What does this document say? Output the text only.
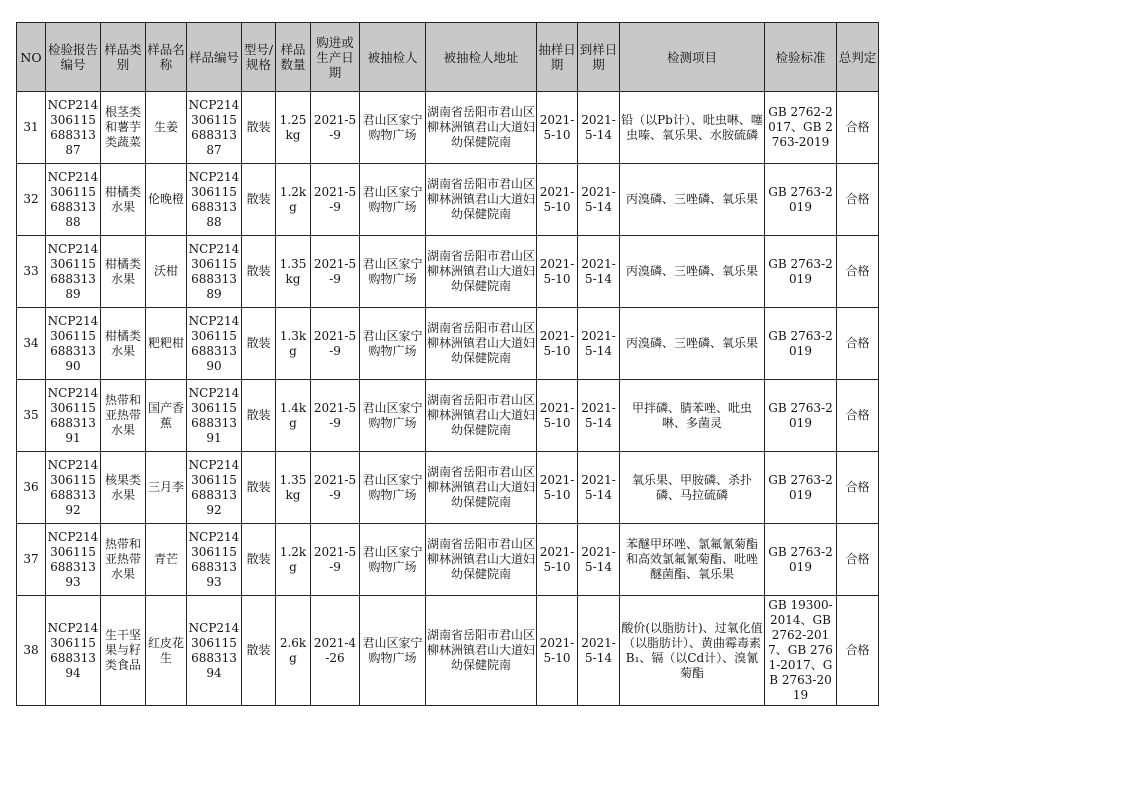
NO	检验报告编号	样品类别	样品名称	样品编号	型号/规格	样品数量	购进或生产日期	被抽检人	被抽检人地址	抽样日期	到样日期	检测项目	检验标准	总判定
31	NCP21430611568831387	根茎类和薯芋类蔬菜	生姜	NCP21430611568831387	散装	1.25kg	2021-5-9	君山区家宁购物广场	湖南省岳阳市君山区柳林洲镇君山大道妇幼保健院南	2021-5-10	2021-5-14	铅（以Pb计）、吡虫啉、噻虫嗪、氧乐果、水胺硫磷	GB 2762-2017、GB 2763-2019	合格
32	NCP21430611568831388	柑橘类水果	伦晚橙	NCP21430611568831388	散装	1.2kg	2021-5-9	君山区家宁购物广场	湖南省岳阳市君山区柳林洲镇君山大道妇幼保健院南	2021-5-10	2021-5-14	丙溴磷、三唑磷、氧乐果	GB 2763-2019	合格
33	NCP21430611568831389	柑橘类水果	沃柑	NCP21430611568831389	散装	1.35kg	2021-5-9	君山区家宁购物广场	湖南省岳阳市君山区柳林洲镇君山大道妇幼保健院南	2021-5-10	2021-5-14	丙溴磷、三唑磷、氧乐果	GB 2763-2019	合格
34	NCP21430611568831390	柑橘类水果	粑粑柑	NCP21430611568831390	散装	1.3kg	2021-5-9	君山区家宁购物广场	湖南省岳阳市君山区柳林洲镇君山大道妇幼保健院南	2021-5-10	2021-5-14	丙溴磷、三唑磷、氧乐果	GB 2763-2019	合格
35	NCP21430611568831391	热带和亚热带水果	国产香蕉	NCP21430611568831391	散装	1.4kg	2021-5-9	君山区家宁购物广场	湖南省岳阳市君山区柳林洲镇君山大道妇幼保健院南	2021-5-10	2021-5-14	甲拌磷、腈苯唑、吡虫啉、多菌灵	GB 2763-2019	合格
36	NCP21430611568831392	核果类水果	三月李	NCP21430611568831392	散装	1.35kg	2021-5-9	君山区家宁购物广场	湖南省岳阳市君山区柳林洲镇君山大道妇幼保健院南	2021-5-10	2021-5-14	氧乐果、甲胺磷、杀扑磷、马拉硫磷	GB 2763-2019	合格
37	NCP21430611568831393	热带和亚热带水果	青芒	NCP21430611568831393	散装	1.2kg	2021-5-9	君山区家宁购物广场	湖南省岳阳市君山区柳林洲镇君山大道妇幼保健院南	2021-5-10	2021-5-14	苯醚甲环唑、氯氟氰菊酯和高效氯氟氰菊酯、吡唑醚菌酯、氧乐果	GB 2763-2019	合格
38	NCP21430611568831394	生干坚果与籽类食品	红皮花生	NCP21430611568831394	散装	2.6kg	2021-4-26	君山区家宁购物广场	湖南省岳阳市君山区柳林洲镇君山大道妇幼保健院南	2021-5-10	2021-5-14	酸价(以脂肪计)、过氧化值（以脂肪计）、黄曲霉毒素B₁、镉（以Cd计）、溴氰菊酯	GB 19300-2014、GB 2762-2017、GB 2761-2017、GB 2763-2019	合格
